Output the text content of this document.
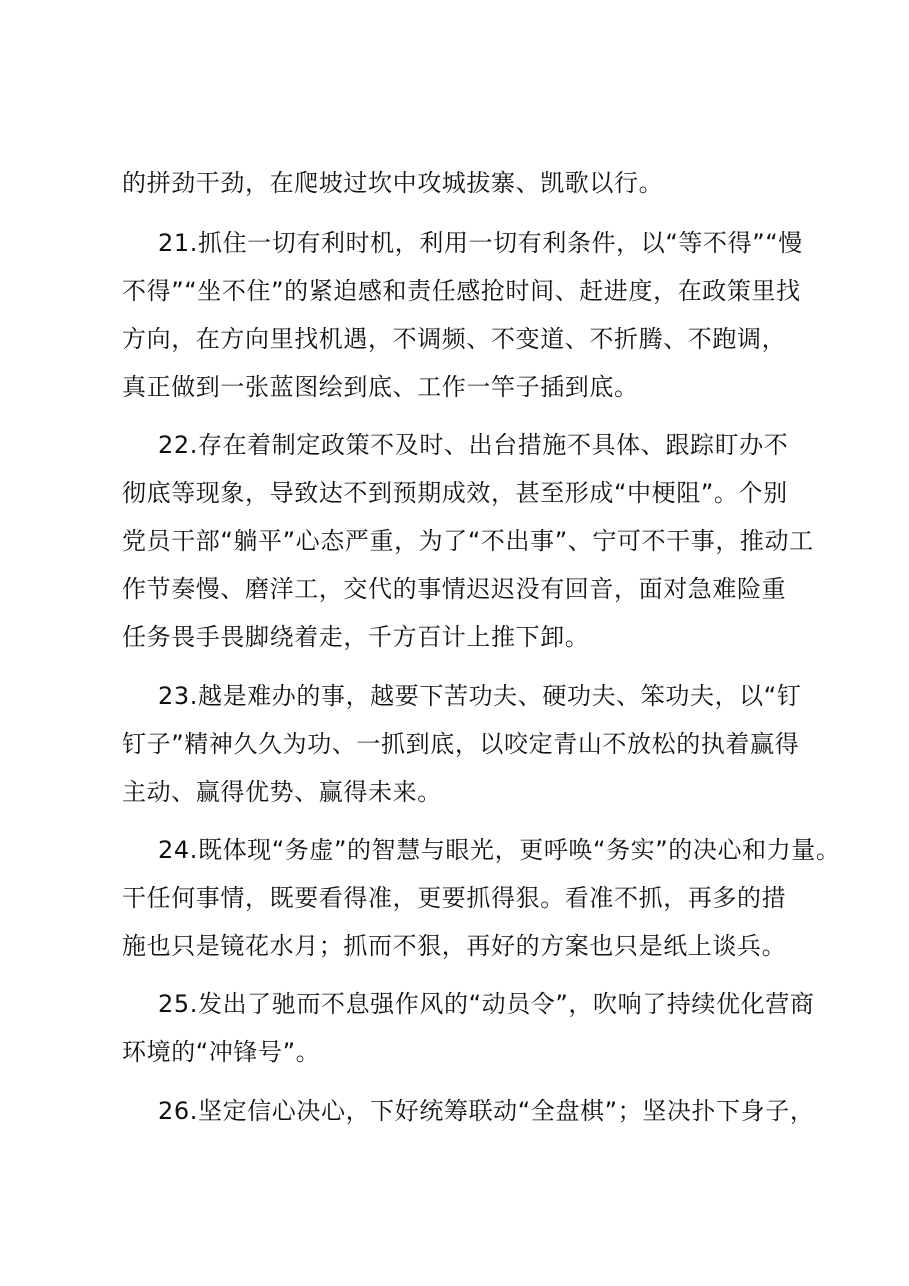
的拼劲干劲，在爬坡过坎中攻城拔寨、凯歌以行。
21.抓住一切有利时机，利用一切有利条件，以“等不得”“慢
不得”“坐不住”的紧迫感和责任感抢时间、赶进度，在政策里找
方向，在方向里找机遇，不调频、不变道、不折腾、不跑调，
真正做到一张蓝图绘到底、工作一竿子插到底。
22.存在着制定政策不及时、出台措施不具体、跟踪盯办不
彻底等现象，导致达不到预期成效，甚至形成“中梗阻”。个别
党员干部“躺平”心态严重，为了“不出事”、宁可不干事，推动工
作节奏慢、磨洋工，交代的事情迟迟没有回音，面对急难险重
任务畏手畏脚绕着走，千方百计上推下卸。
23.越是难办的事，越要下苦功夫、硬功夫、笨功夫，以“钉
钉子”精神久久为功、一抓到底，以咬定青山不放松的执着赢得
主动、赢得优势、赢得未来。
24.既体现“务虚”的智慧与眼光，更呼唤“务实”的决心和力量。
干任何事情，既要看得准，更要抓得狠。看准不抓，再多的措
施也只是镜花水月；抓而不狠，再好的方案也只是纸上谈兵。
25.发出了驰而不息强作风的“动员令”，吹响了持续优化营商
环境的“冲锋号”。
26.坚定信心决心，下好统筹联动“全盘棋”；坚决扑下身子，
